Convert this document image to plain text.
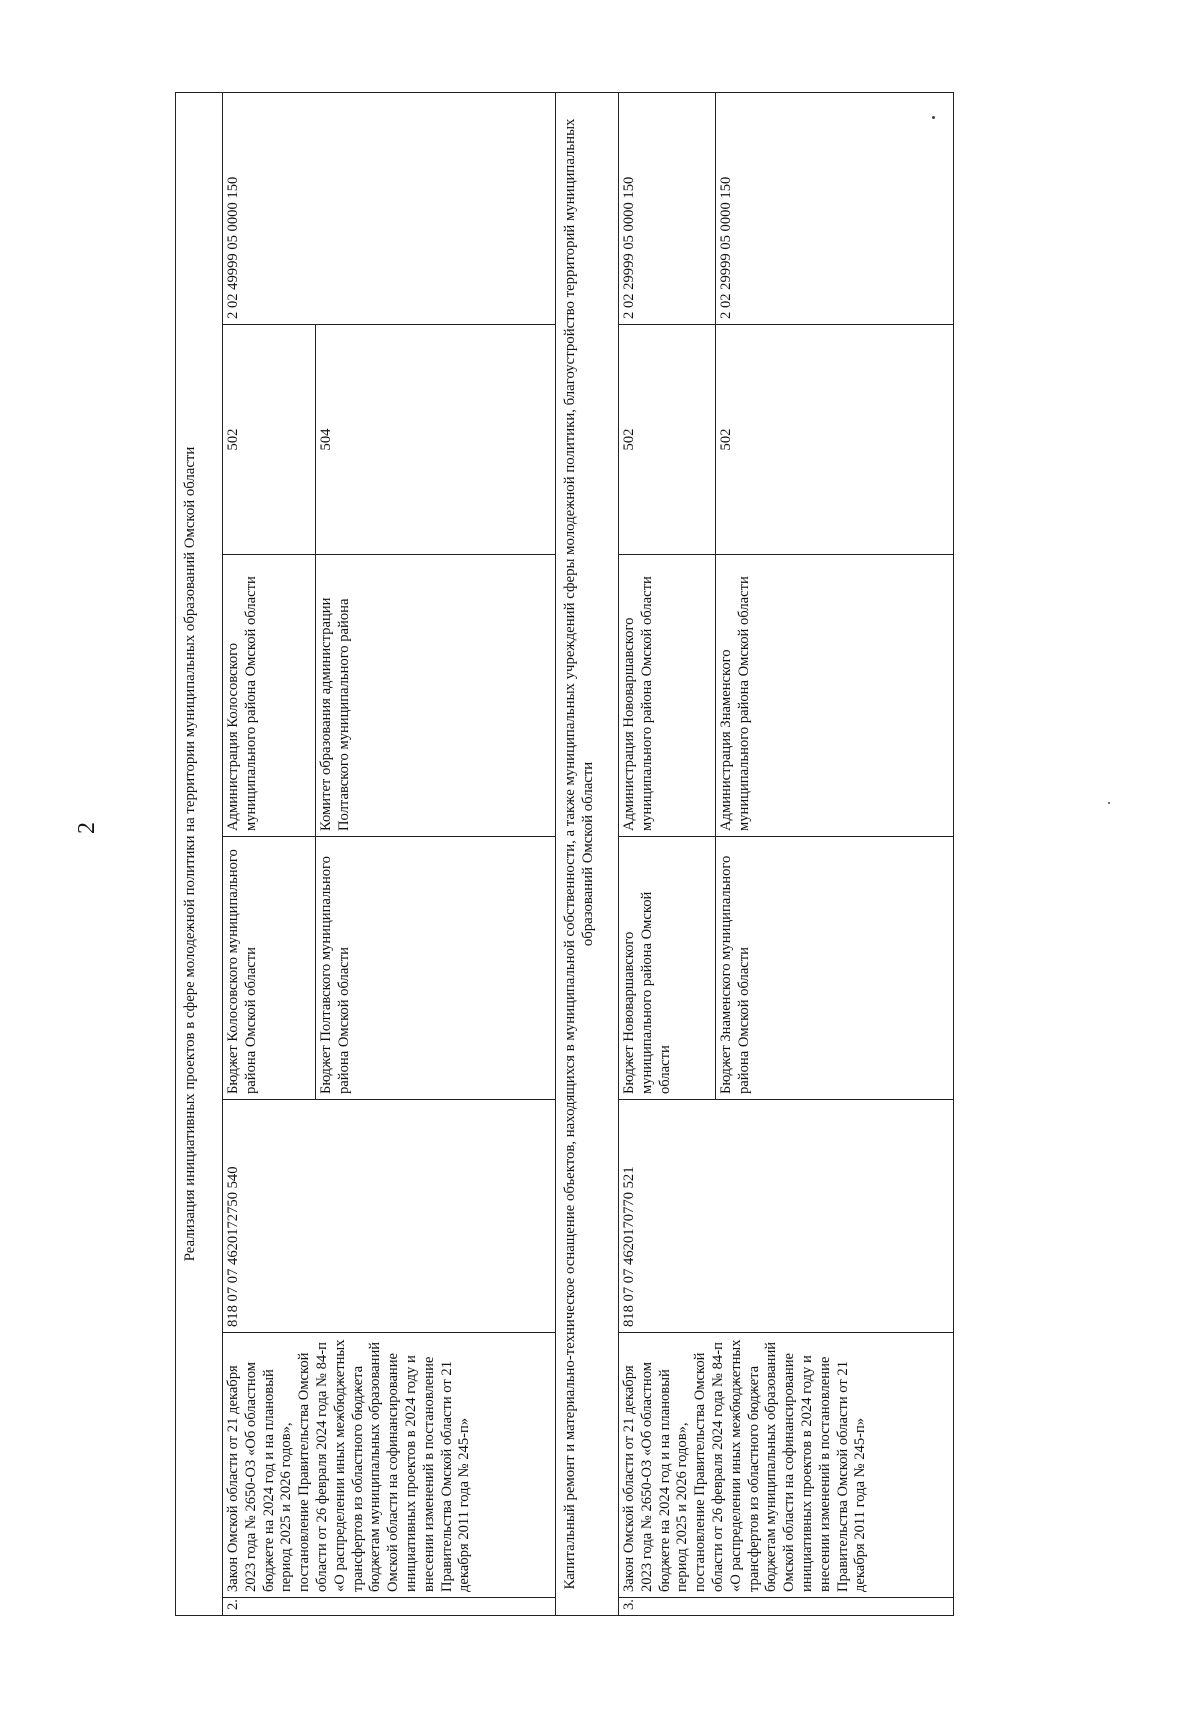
2	Реализация инициативных проектов в сфере молодежной политики на территории муниципальных образований Омской области						
2.	Закон Омской области от 21 декабря 2023 года № 2650-ОЗ «Об областном бюджете на 2024 год и на плановый период 2025 и 2026 годов», постановление Правительства Омской области от 26 февраля 2024 года № 84-п «О распределении иных межбюджетных трансфертов из областного бюджета бюджетам муниципальных образований Омской области на софинансирование инициативных проектов в 2024 году и внесении изменений в постановление Правительства Омской области от 21 декабря 2011 года № 245-п»	818 07 07 4620172750 540	Бюджет Колосовского муниципального района Омской области	Администрация Колосовского муниципального района Омской области	502	2 02 49999 05 0000 150
			Бюджет Полтавского муниципального района Омской области	Комитет образования администрации Полтавского муниципального района	504	
Капитальный ремонт и материально-техническое оснащение объектов, находящихся в муниципальной собственности, а также муниципальных учреждений сферы молодежной политики, благоустройство территорий муниципальных образований Омской области						
3.	Закон Омской области от 21 декабря 2023 года № 2650-ОЗ «Об областном бюджете на 2024 год и на плановый период 2025 и 2026 годов», постановление Правительства Омской области от 26 февраля 2024 года № 84-п «О распределении иных межбюджетных трансфертов из областного бюджета бюджетам муниципальных образований Омской области на софинансирование инициативных проектов в 2024 году и внесении изменений в постановление Правительства Омской области от 21 декабря 2011 года № 245-п»	818 07 07 4620170770 521	Бюджет Нововаршавского муниципального района Омской области	Администрация Нововаршавского муниципального района Омской области	502	2 02 29999 05 0000 150
			Бюджет Знаменского муниципального района Омской области	Администрация Знаменского муниципального района Омской области	502	2 02 29999 05 0000 150
